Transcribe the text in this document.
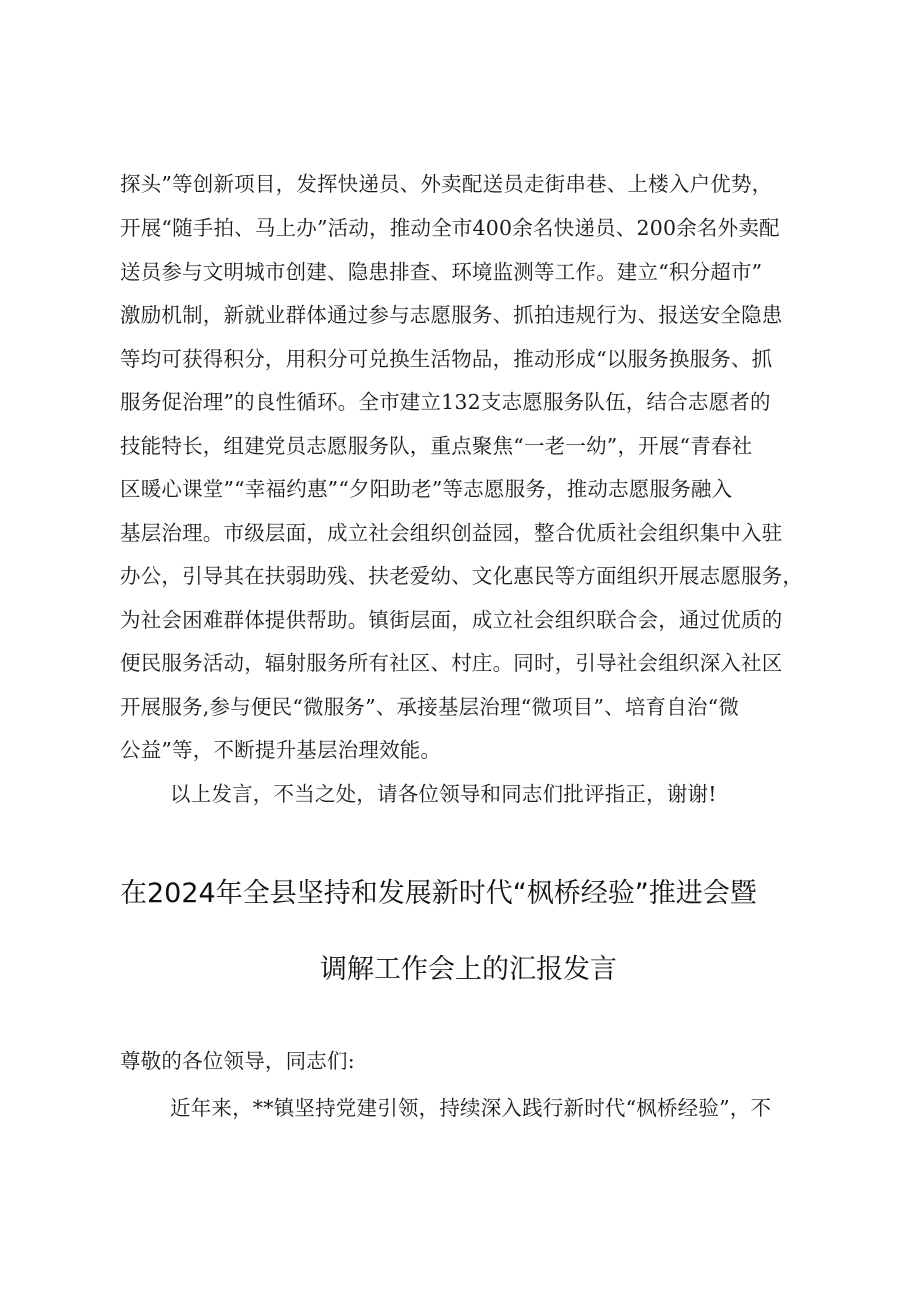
探头”等创新项目，发挥快递员、外卖配送员走街串巷、上楼入户优势，
开展“随手拍、马上办”活动，推动全市400余名快递员、200余名外卖配
送员参与文明城市创建、隐患排查、环境监测等工作。建立“积分超市”
激励机制，新就业群体通过参与志愿服务、抓拍违规行为、报送安全隐患
等均可获得积分，用积分可兑换生活物品，推动形成“以服务换服务、抓
服务促治理”的良性循环。全市建立132支志愿服务队伍，结合志愿者的
技能特长，组建党员志愿服务队，重点聚焦“一老一幼”，开展“青春社
区暖心课堂”“幸福约惠”“夕阳助老”等志愿服务，推动志愿服务融入
基层治理。市级层面，成立社会组织创益园，整合优质社会组织集中入驻
办公，引导其在扶弱助残、扶老爱幼、文化惠民等方面组织开展志愿服务，
为社会困难群体提供帮助。镇街层面，成立社会组织联合会，通过优质的
便民服务活动，辐射服务所有社区、村庄。同时，引导社会组织深入社区
开展服务,参与便民“微服务”、承接基层治理“微项目”、培育自治“微
公益”等，不断提升基层治理效能。
以上发言，不当之处，请各位领导和同志们批评指正，谢谢!
在2024年全县坚持和发展新时代“枫桥经验”推进会暨
调解工作会上的汇报发言
尊敬的各位领导，同志们:
近年来，**镇坚持党建引领，持续深入践行新时代“枫桥经验”，不
